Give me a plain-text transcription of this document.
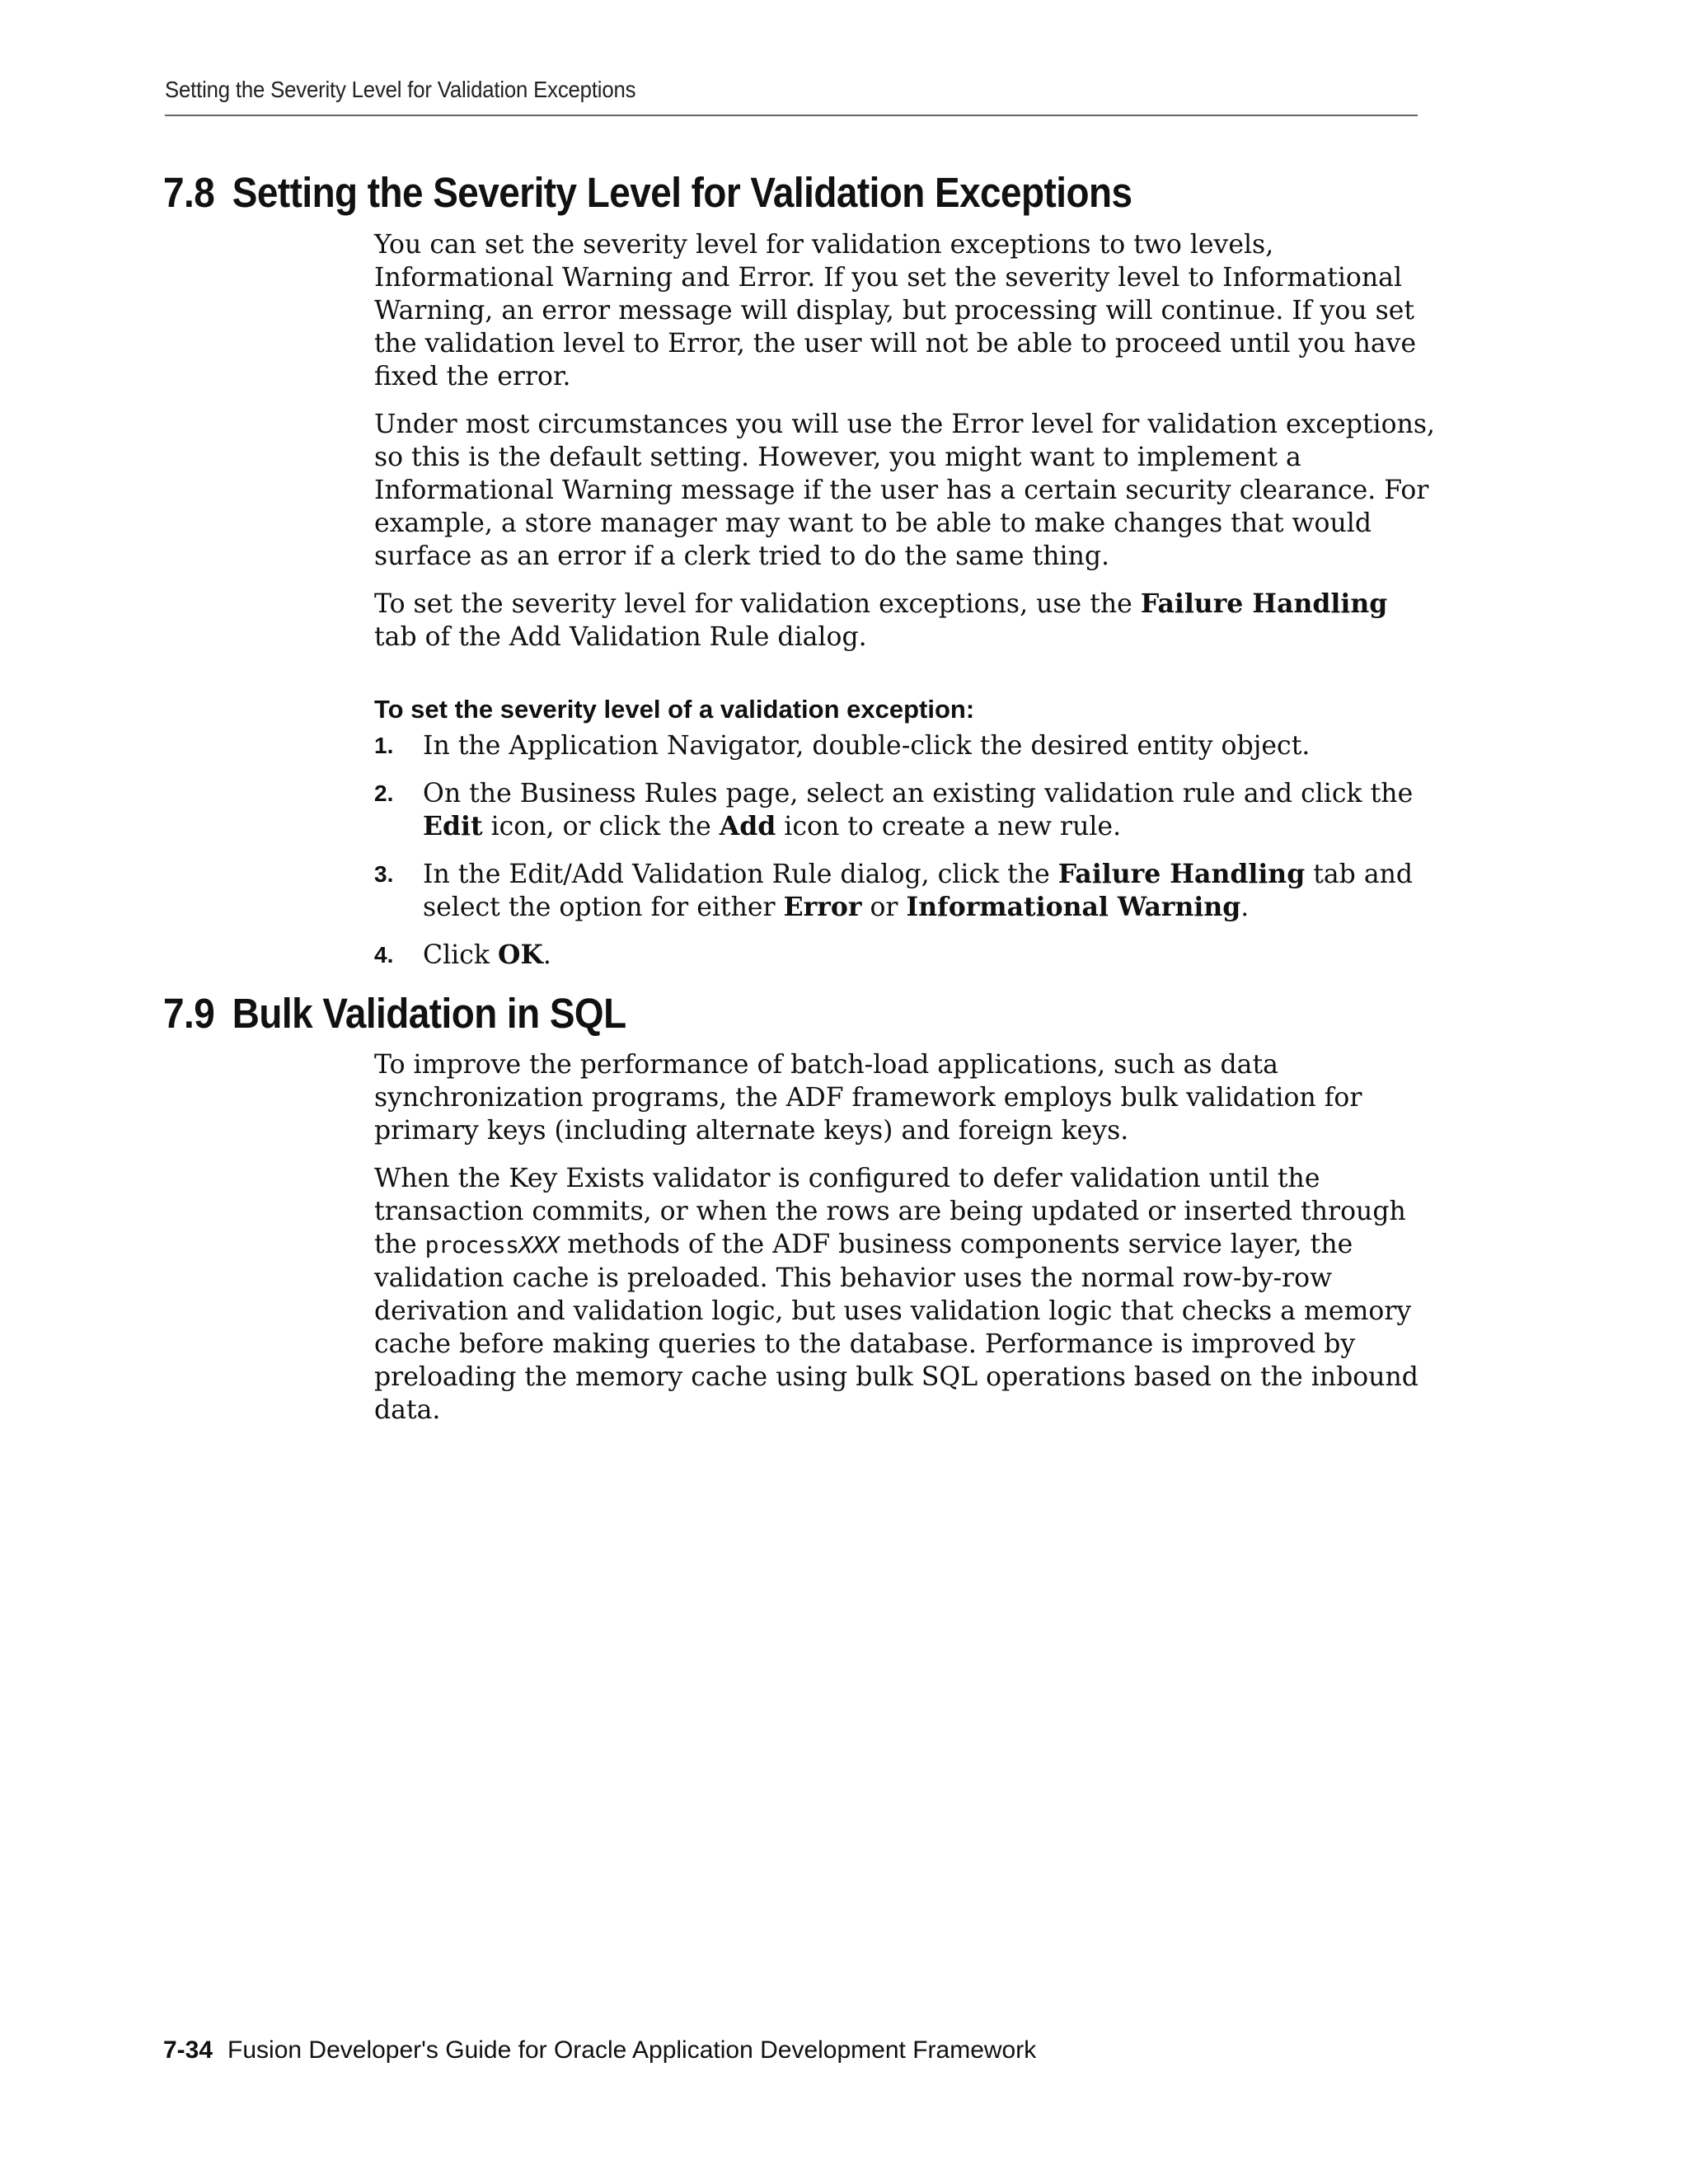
Setting the Severity Level for Validation Exceptions
7.8 Setting the Severity Level for Validation Exceptions

You can set the severity level for validation exceptions to two levels, Informational Warning and Error. If you set the severity level to Informational Warning, an error message will display, but processing will continue. If you set the validation level to Error, the user will not be able to proceed until you have fixed the error.

Under most circumstances you will use the Error level for validation exceptions, so this is the default setting. However, you might want to implement a Informational Warning message if the user has a certain security clearance. For example, a store manager may want to be able to make changes that would surface as an error if a clerk tried to do the same thing.

To set the severity level for validation exceptions, use the Failure Handling tab of the Add Validation Rule dialog.

To set the severity level of a validation exception:
1. In the Application Navigator, double-click the desired entity object.
2. On the Business Rules page, select an existing validation rule and click the Edit icon, or click the Add icon to create a new rule.
3. In the Edit/Add Validation Rule dialog, click the Failure Handling tab and select the option for either Error or Informational Warning.
4. Click OK.
7.9 Bulk Validation in SQL

To improve the performance of batch-load applications, such as data synchronization programs, the ADF framework employs bulk validation for primary keys (including alternate keys) and foreign keys.

When the Key Exists validator is configured to defer validation until the transaction commits, or when the rows are being updated or inserted through the processXXX methods of the ADF business components service layer, the validation cache is preloaded. This behavior uses the normal row-by-row derivation and validation logic, but uses validation logic that checks a memory cache before making queries to the database. Performance is improved by preloading the memory cache using bulk SQL operations based on the inbound data.

7-34 Fusion Developer's Guide for Oracle Application Development Framework
